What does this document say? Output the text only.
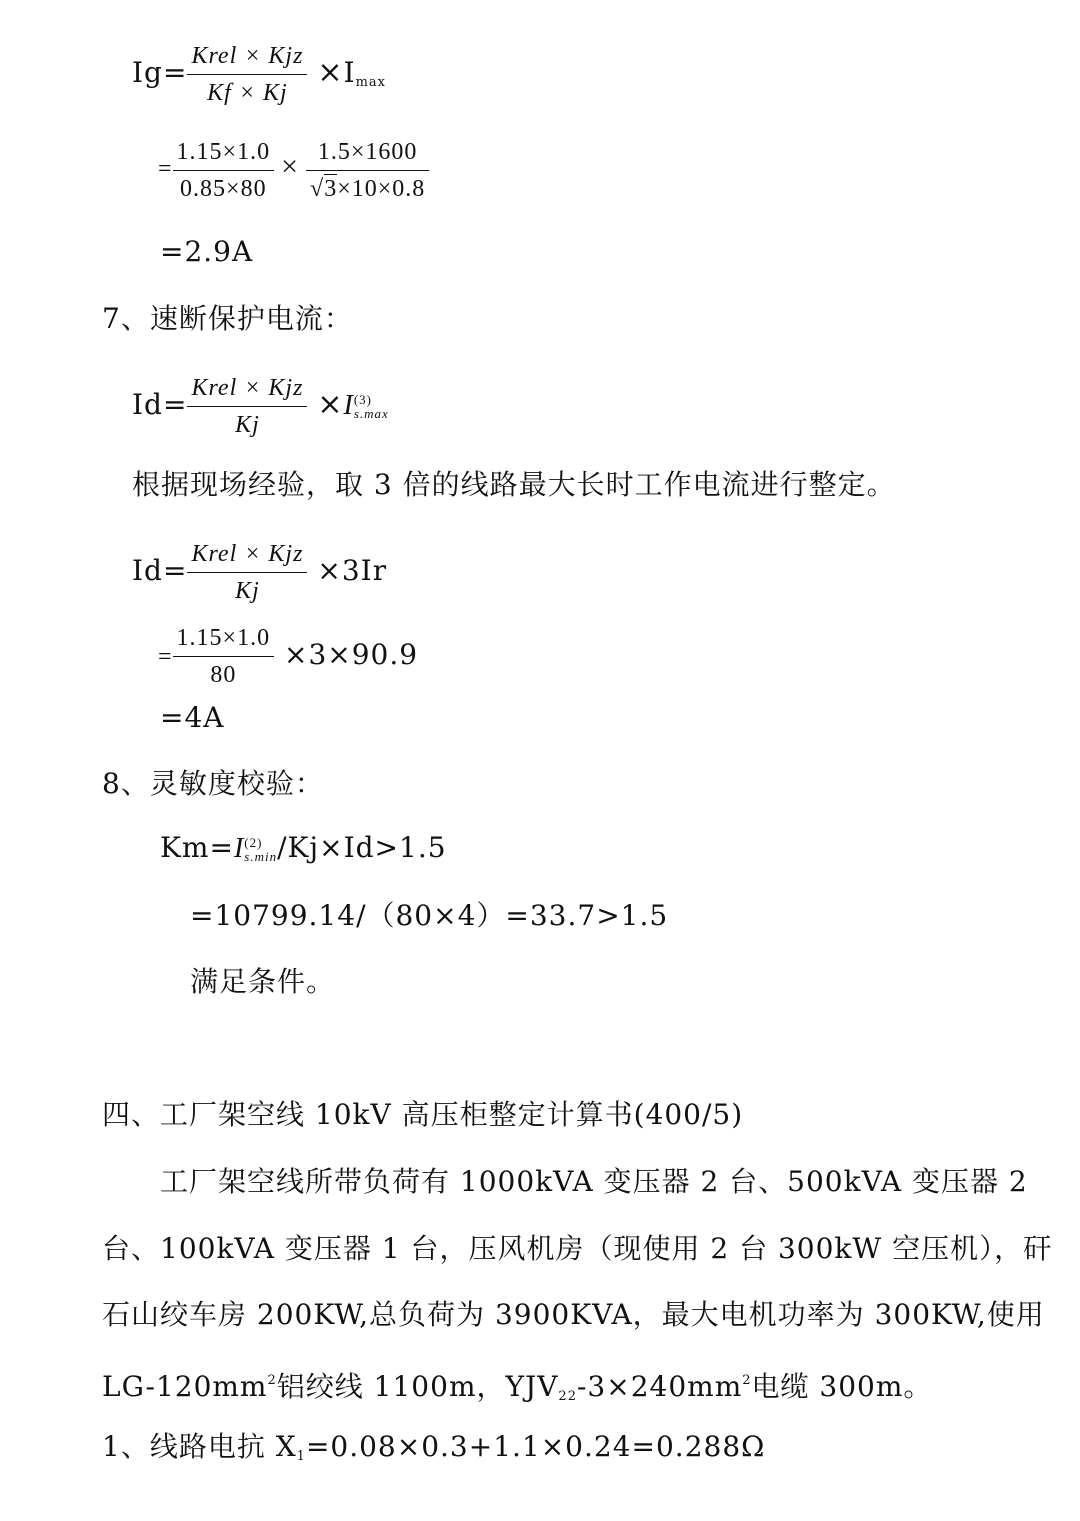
$Ig= \frac{\text{Krel × Kjz}}{Kf \times Kj} \times I_{max}$
= $\frac{1.15\times 1.0}{0.85\times 80} \times \frac{1.5\times 1600}{√3\times 10\times 0.8}$
=2.9A
7、速断保护电流：
$Id= \frac{\text{Krel × Kjz}}{Kj} \times I$ (3)
s.max
根据现场经验，取 3 倍的线路最大长时工作电流进行整定。
$Id= \frac{\text{Krel × Kjz}}{Kj} \times 3Ir$
= $\frac{1.15\times 1.0}{80} \times 3\times 90.9$
=4A
8、灵敏度校验：
Km=I (2)
s.min /Kj×Id>1.5
=10799.14/（80×4）=33.7>1.5
满足条件。
四、工厂架空线 10kV 高压柜整定计算书(400/5)
工厂架空线所带负荷有 1000kVA 变压器 2 台、500kVA 变压器 2
台、100kVA 变压器 1 台，压风机房（现使用 2 台 300kW 空压机），矸
石山绞车房 200KW,总负荷为 3900KVA，最大电机功率为 300KW,使用
$LG-120mm^2$铝绞线 1100m，$YJV_{22}-3\times 240mm^2$电缆 300m。
1、线路电抗 $X_1=0.08\times 0.3+1.1\times 0.24=0.288\Omega$
